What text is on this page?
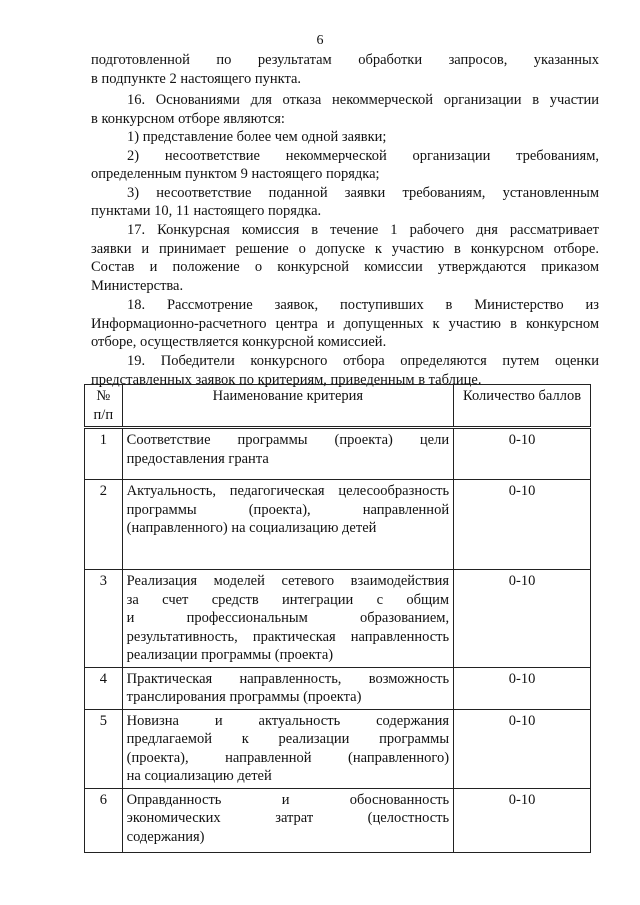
6
подготовленной по результатам обработки запросов, указанных
в подпункте 2 настоящего пункта.
16. Основаниями для отказа некоммерческой организации в участии
в конкурсном отборе являются:
1) представление более чем одной заявки;
2) несоответствие некоммерческой организации требованиям,
определенным пунктом 9 настоящего порядка;
3) несоответствие поданной заявки требованиям, установленным
пунктами 10, 11 настоящего порядка.
17. Конкурсная комиссия в течение 1 рабочего дня рассматривает
заявки и принимает решение о допуске к участию в конкурсном отборе.
Состав и положение о конкурсной комиссии утверждаются приказом
Министерства.
18. Рассмотрение заявок, поступивших в Министерство из
Информационно-расчетного центра и допущенных к участию в конкурсном
отборе, осуществляется конкурсной комиссией.
19. Победители конкурсного отбора определяются путем оценки
представленных заявок по критериям, приведенным в таблице.
№
п/п	Наименование критерия	Количество баллов
1	Соответствие программы (проекта) цели
предоставления гранта	0-10
2	Актуальность, педагогическая целесообразность
программы (проекта), направленной
(направленного) на социализацию детей	0-10
3	Реализация моделей сетевого взаимодействия
за счет средств интеграции с общим
и профессиональным образованием,
результативность, практическая направленность
реализации программы (проекта)	0-10
4	Практическая направленность, возможность
транслирования программы (проекта)	0-10
5	Новизна и актуальность содержания
предлагаемой к реализации программы
(проекта), направленной (направленного)
на социализацию детей	0-10
6	Оправданность и обоснованность
экономических затрат (целостность
содержания)	0-10
